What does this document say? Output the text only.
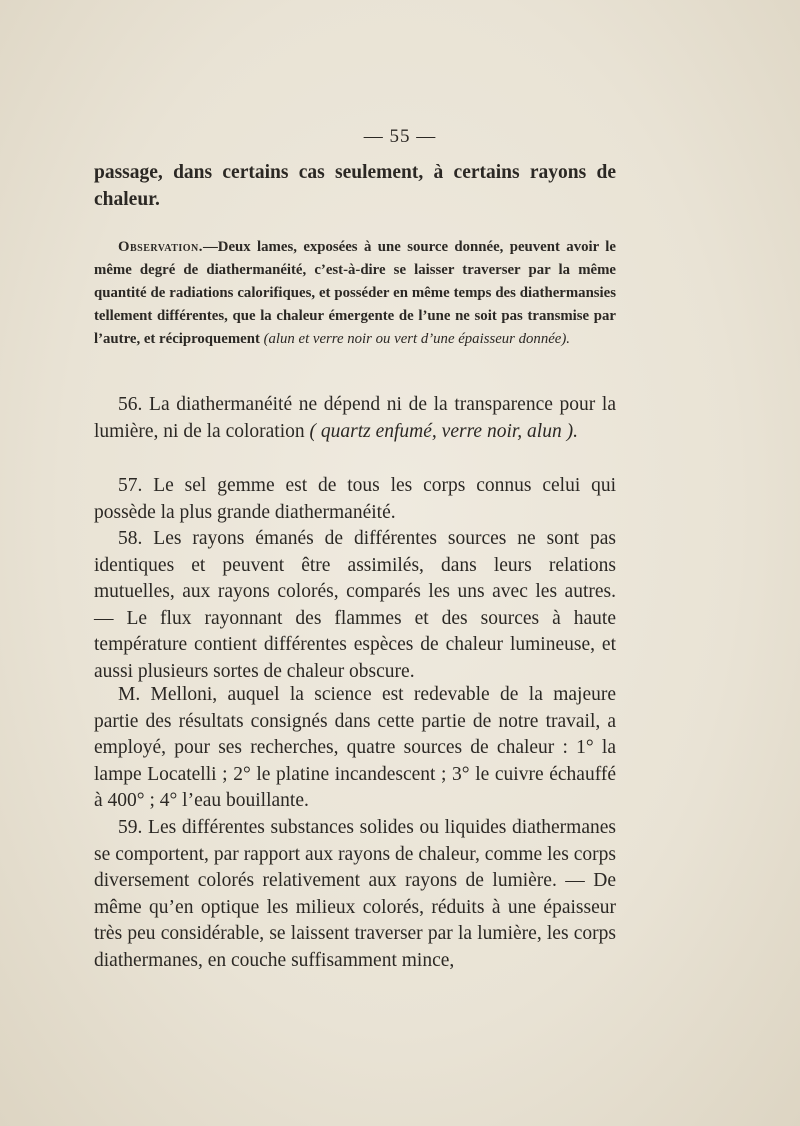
— 55 —

passage, dans certains cas seulement, à certains rayons de chaleur.

Observation.—Deux lames, exposées à une source donnée, peuvent avoir le même degré de diathermanéité, c’est-à-dire se laisser traverser par la même quantité de radiations calorifiques, et posséder en même temps des diathermansies tellement différentes, que la chaleur émergente de l’une ne soit pas transmise par l’autre, et réciproquement (alun et verre noir ou vert d’une épaisseur donnée).

56. La diathermanéité ne dépend ni de la transparence pour la lumière, ni de la coloration ( quartz enfumé, verre noir, alun ).

57. Le sel gemme est de tous les corps connus celui qui possède la plus grande diathermanéité.

58. Les rayons émanés de différentes sources ne sont pas identiques et peuvent être assimilés, dans leurs relations mutuelles, aux rayons colorés, comparés les uns avec les autres. — Le flux rayonnant des flammes et des sources à haute température contient différentes espèces de chaleur lumineuse, et aussi plusieurs sortes de chaleur obscure.

M. Melloni, auquel la science est redevable de la majeure partie des résultats consignés dans cette partie de notre travail, a employé, pour ses recherches, quatre sources de chaleur : 1° la lampe Locatelli ; 2° le platine incandescent ; 3° le cuivre échauffé à 400° ; 4° l’eau bouillante.

59. Les différentes substances solides ou liquides diathermanes se comportent, par rapport aux rayons de chaleur, comme les corps diversement colorés relativement aux rayons de lumière. — De même qu’en optique les milieux colorés, réduits à une épaisseur très peu considérable, se laissent traverser par la lumière, les corps diathermanes, en couche suffisamment mince,
